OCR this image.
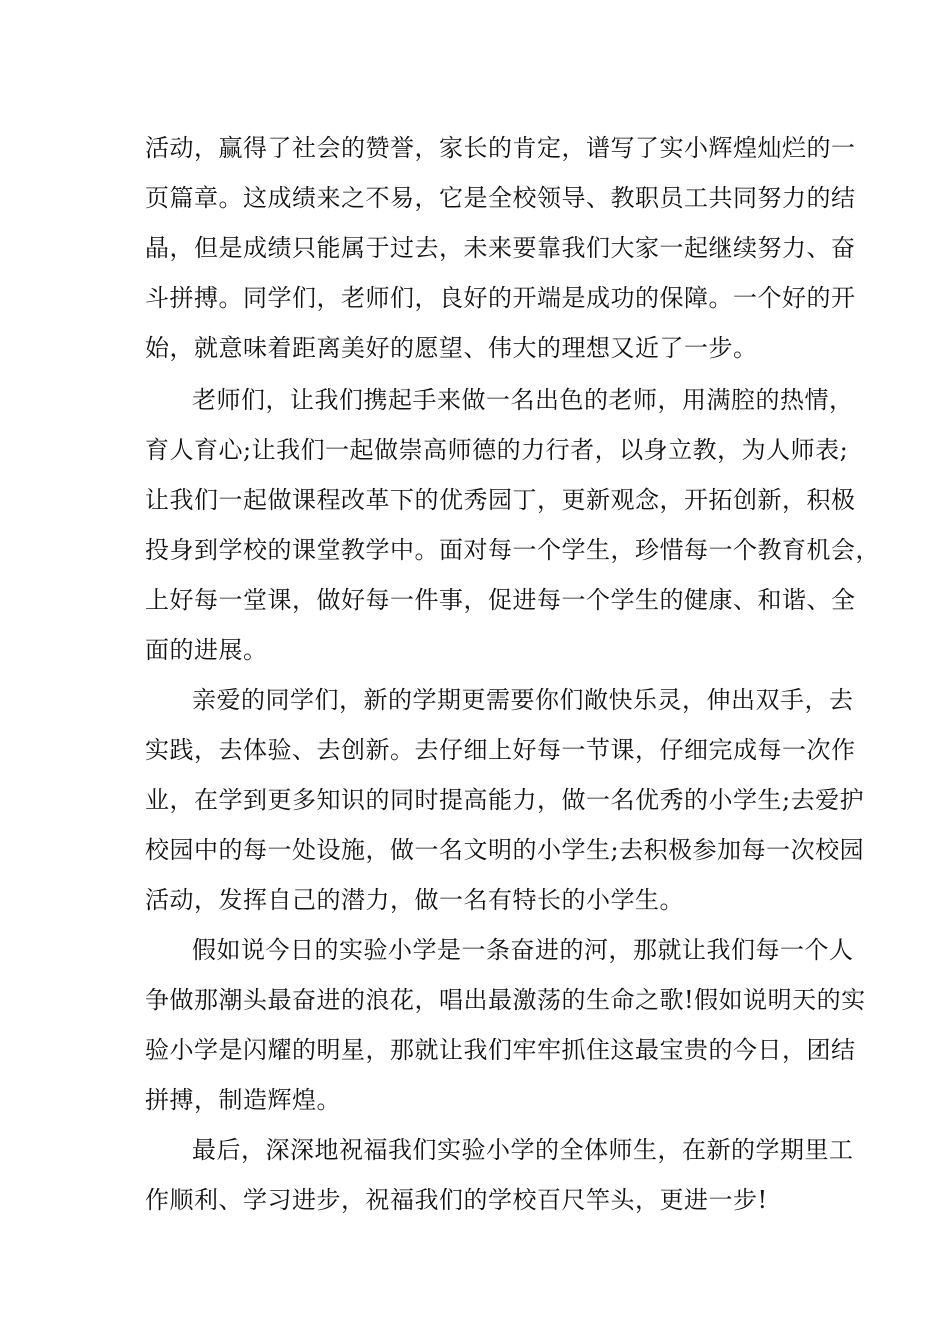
活动，赢得了社会的赞誉，家长的肯定，谱写了实小辉煌灿烂的一
页篇章。这成绩来之不易，它是全校领导、教职员工共同努力的结
晶，但是成绩只能属于过去，未来要靠我们大家一起继续努力、奋
斗拼搏。同学们，老师们，良好的开端是成功的保障。一个好的开
始，就意味着距离美好的愿望、伟大的理想又近了一步。
老师们，让我们携起手来做一名出色的老师，用满腔的热情，
育人育心;让我们一起做崇高师德的力行者，以身立教，为人师表;
让我们一起做课程改革下的优秀园丁，更新观念，开拓创新，积极
投身到学校的课堂教学中。面对每一个学生，珍惜每一个教育机会，
上好每一堂课，做好每一件事，促进每一个学生的健康、和谐、全
面的进展。
亲爱的同学们，新的学期更需要你们敞快乐灵，伸出双手，去
实践，去体验、去创新。去仔细上好每一节课，仔细完成每一次作
业，在学到更多知识的同时提高能力，做一名优秀的小学生;去爱护
校园中的每一处设施，做一名文明的小学生;去积极参加每一次校园
活动，发挥自己的潜力，做一名有特长的小学生。
假如说今日的实验小学是一条奋进的河，那就让我们每一个人
争做那潮头最奋进的浪花，唱出最激荡的生命之歌!假如说明天的实
验小学是闪耀的明星，那就让我们牢牢抓住这最宝贵的今日，团结
拼搏，制造辉煌。
最后，深深地祝福我们实验小学的全体师生，在新的学期里工
作顺利、学习进步，祝福我们的学校百尺竿头，更进一步!
